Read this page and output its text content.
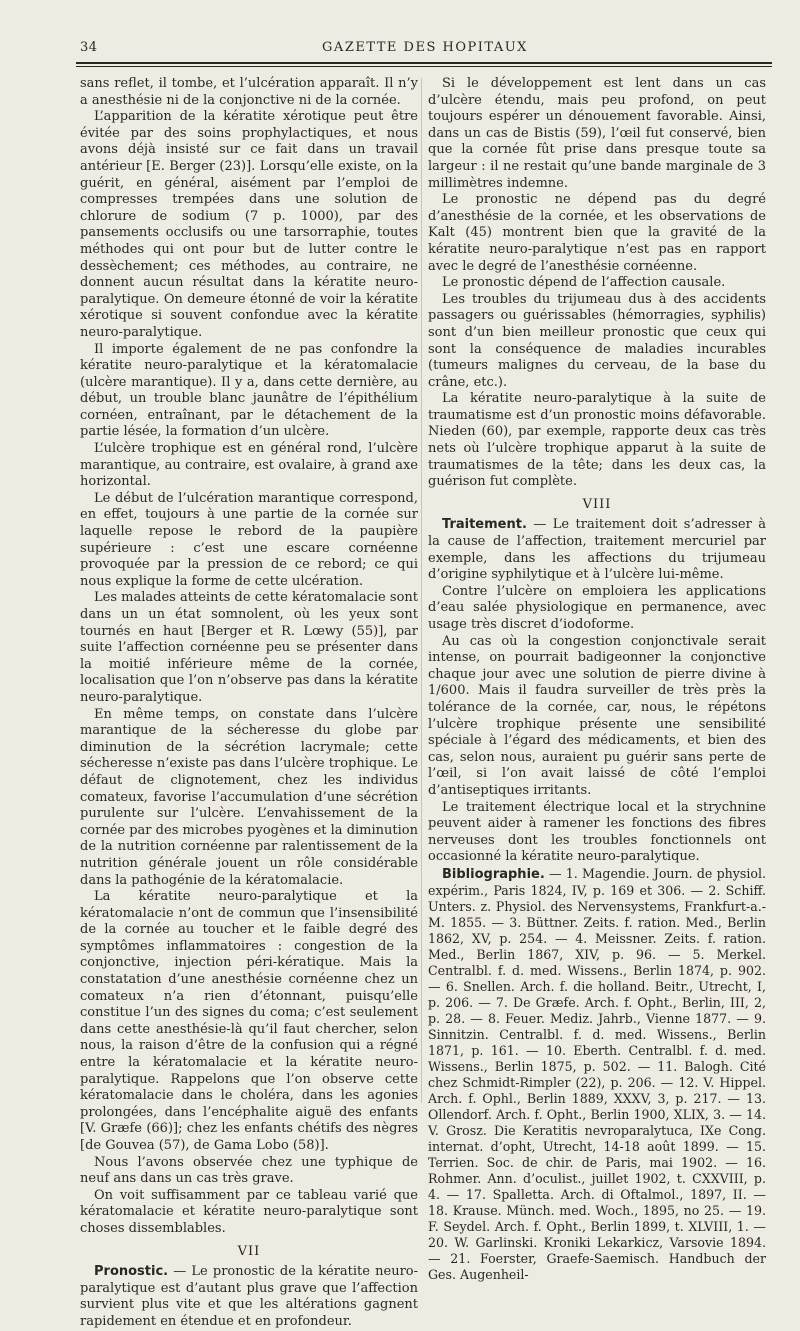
34	GAZETTE DES HOPITAUX

sans reflet, il tombe, et l’ulcération apparaît. Il n’y a anesthésie ni de la conjonctive ni de la cornée.

L’apparition de la kératite xérotique peut être évitée par des soins prophylactiques, et nous avons déjà insisté sur ce fait dans un travail antérieur [E. Berger (23)]. Lorsqu’elle existe, on la guérit, en général, aisément par l’emploi de compresses trempées dans une solution de chlorure de sodium (7 p. 1000), par des pansements occlusifs ou une tarsorraphie, toutes méthodes qui ont pour but de lutter contre le dessèchement; ces méthodes, au contraire, ne donnent aucun résultat dans la kératite neuro-paralytique. On demeure étonné de voir la kératite xérotique si souvent confondue avec la kératite neuro-paralytique.

Il importe également de ne pas confondre la kératite neuro-paralytique et la kératomalacie (ulcère marantique). Il y a, dans cette dernière, au début, un trouble blanc jaunâtre de l’épithélium cornéen, entraînant, par le détachement de la partie lésée, la formation d’un ulcère.

L’ulcère trophique est en général rond, l’ulcère marantique, au contraire, est ovalaire, à grand axe horizontal.

Le début de l’ulcération marantique correspond, en effet, toujours à une partie de la cornée sur laquelle repose le rebord de la paupière supérieure : c’est une escare cornéenne provoquée par la pression de ce rebord; ce qui nous explique la forme de cette ulcération.

Les malades atteints de cette kératomalacie sont dans un un état somnolent, où les yeux sont tournés en haut [Berger et R. Lœwy (55)], par suite l’affection cornéenne peu se présenter dans la moitié inférieure même de la cornée, localisation que l’on n’observe pas dans la kératite neuro-paralytique.

En même temps, on constate dans l’ulcère marantique de la sécheresse du globe par diminution de la sécrétion lacrymale; cette sécheresse n’existe pas dans l’ulcère trophique. Le défaut de clignotement, chez les individus comateux, favorise l’accumulation d’une sécrétion purulente sur l’ulcère. L’envahissement de la cornée par des microbes pyogènes et la diminution de la nutrition cornéenne par ralentissement de la nutrition générale jouent un rôle considérable dans la pathogénie de la kératomalacie.

La kératite neuro-paralytique et la kératomalacie n’ont de commun que l’insensibilité de la cornée au toucher et le faible degré des symptômes inflammatoires : congestion de la conjonctive, injection péri-kératique. Mais la constatation d’une anesthésie cornéenne chez un comateux n’a rien d’étonnant, puisqu’elle constitue l’un des signes du coma; c’est seulement dans cette anesthésie-là qu’il faut chercher, selon nous, la raison d’être de la confusion qui a régné entre la kératomalacie et la kératite neuro-paralytique. Rappelons que l’on observe cette kératomalacie dans le choléra, dans les agonies prolongées, dans l’encéphalite aiguë des enfants [V. Græfe (66)]; chez les enfants chétifs des nègres [de Gouvea (57), de Gama Lobo (58)].

Nous l’avons observée chez une typhique de neuf ans dans un cas très grave.

On voit suffisamment par ce tableau varié que kératomalacie et kératite neuro-paralytique sont choses dissemblables.

VII

Pronostic. — Le pronostic de la kératite neuro-paralytique est d’autant plus grave que l’affection survient plus vite et que les altérations gagnent rapidement en étendue et en profondeur.

Si le développement est lent dans un cas d’ulcère étendu, mais peu profond, on peut toujours espérer un dénouement favorable. Ainsi, dans un cas de Bistis (59), l’œil fut conservé, bien que la cornée fût prise dans presque toute sa largeur : il ne restait qu’une bande marginale de 3 millimètres indemne.

Le pronostic ne dépend pas du degré d’anesthésie de la cornée, et les observations de Kalt (45) montrent bien que la gravité de la kératite neuro-paralytique n’est pas en rapport avec le degré de l’anesthésie cornéenne.

Le pronostic dépend de l’affection causale.

Les troubles du trijumeau dus à des accidents passagers ou guérissables (hémorragies, syphilis) sont d’un bien meilleur pronostic que ceux qui sont la conséquence de maladies incurables (tumeurs malignes du cerveau, de la base du crâne, etc.).

La kératite neuro-paralytique à la suite de traumatisme est d’un pronostic moins défavorable. Nieden (60), par exemple, rapporte deux cas très nets où l’ulcère trophique apparut à la suite de traumatismes de la tête; dans les deux cas, la guérison fut complète.

VIII

Traitement. — Le traitement doit s’adresser à la cause de l’affection, traitement mercuriel par exemple, dans les affections du trijumeau d’origine syphilytique et à l’ulcère lui-même.

Contre l’ulcère on emploiera les applications d’eau salée physiologique en permanence, avec usage très discret d’iodoforme.

Au cas où la congestion conjonctivale serait intense, on pourrait badigeonner la conjonctive chaque jour avec une solution de pierre divine à 1/600. Mais il faudra surveiller de très près la tolérance de la cornée, car, nous, le répétons l’ulcère trophique présente une sensibilité spéciale à l’égard des médicaments, et bien des cas, selon nous, auraient pu guérir sans perte de l’œil, si l’on avait laissé de côté l’emploi d’antiseptiques irritants.

Le traitement électrique local et la strychnine peuvent aider à ramener les fonctions des fibres nerveuses dont les troubles fonctionnels ont occasionné la kératite neuro-paralytique.

Bibliographie. — 1. Magendie. Journ. de physiol. expérim., Paris 1824, IV, p. 169 et 306. — 2. Schiff. Unters. z. Physiol. des Nervensystems, Frankfurt-a.-M. 1855. — 3. Büttner. Zeits. f. ration. Med., Berlin 1862, XV, p. 254. — 4. Meissner. Zeits. f. ration. Med., Berlin 1867, XIV, p. 96. — 5. Merkel. Centralbl. f. d. med. Wissens., Berlin 1874, p. 902. — 6. Snellen. Arch. f. die holland. Beitr., Utrecht, I, p. 206. — 7. De Græfe. Arch. f. Opht., Berlin, III, 2, p. 28. — 8. Feuer. Mediz. Jahrb., Vienne 1877. — 9. Sinnitzin. Centralbl. f. d. med. Wissens., Berlin 1871, p. 161. — 10. Eberth. Centralbl. f. d. med. Wissens., Berlin 1875, p. 502. — 11. Balogh. Cité chez Schmidt-Rimpler (22), p. 206. — 12. V. Hippel. Arch. f. Ophl., Berlin 1889, XXXV, 3, p. 217. — 13. Ollendorf. Arch. f. Opht., Berlin 1900, XLIX, 3. — 14. V. Grosz. Die Keratitis nevroparalytuca, IXe Cong. internat. d’opht, Utrecht, 14-18 août 1899. — 15. Terrien. Soc. de chir. de Paris, mai 1902. — 16. Rohmer. Ann. d’oculist., juillet 1902, t. CXXVIII, p. 4. — 17. Spalletta. Arch. di Oftalmol., 1897, II. — 18. Krause. Münch. med. Woch., 1895, no 25. — 19. F. Seydel. Arch. f. Opht., Berlin 1899, t. XLVIII, 1. — 20. W. Garlinski. Kroniki Lekarkicz, Varsovie 1894. — 21. Foerster, Graefe-Saemisch. Handbuch der Ges. Augenheil-
